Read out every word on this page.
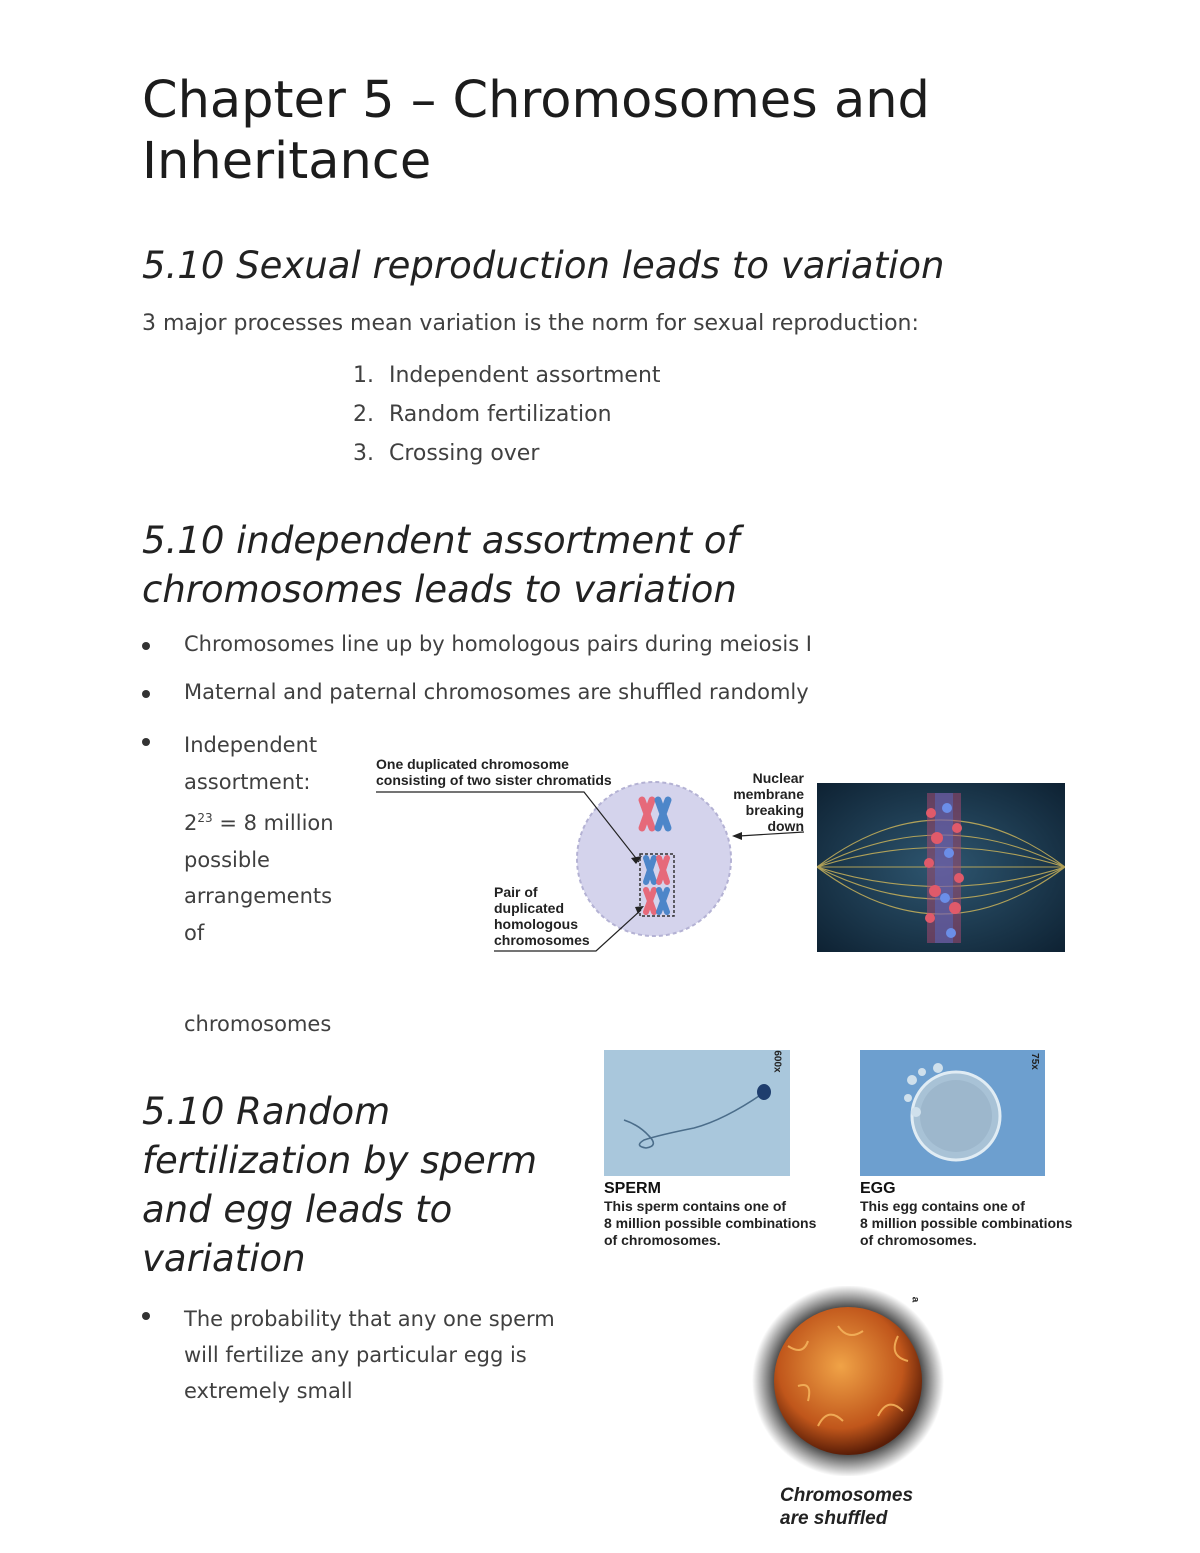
Chapter 5 – Chromosomes and Inheritance
5.10 Sexual reproduction leads to variation
3 major processes mean variation is the norm for sexual reproduction:
1. Independent assortment
2. Random fertilization
3. Crossing over
5.10 independent assortment of
chromosomes leads to variation
Chromosomes line up by homologous pairs during meiosis I
Maternal and paternal chromosomes are shuffled randomly
Independent
assortment:
$2^{23} = 8$ million
possible
arrangements
of
chromosomes
One duplicated chromosome
consisting of two sister chromatids	Nuclear
membrane
breaking
down
Pair of
duplicated
homologous
chromosomes
5.10 Random
fertilization by sperm
and egg leads to
variation
The probability that any one sperm
will fertilize any particular egg is
extremely small
600x
SPERM
This sperm contains one of
8 million possible combinations
of chromosomes.
75x
EGG
This egg contains one of
8 million possible combinations
of chromosomes.
a
Chromosomes
are shuffled
